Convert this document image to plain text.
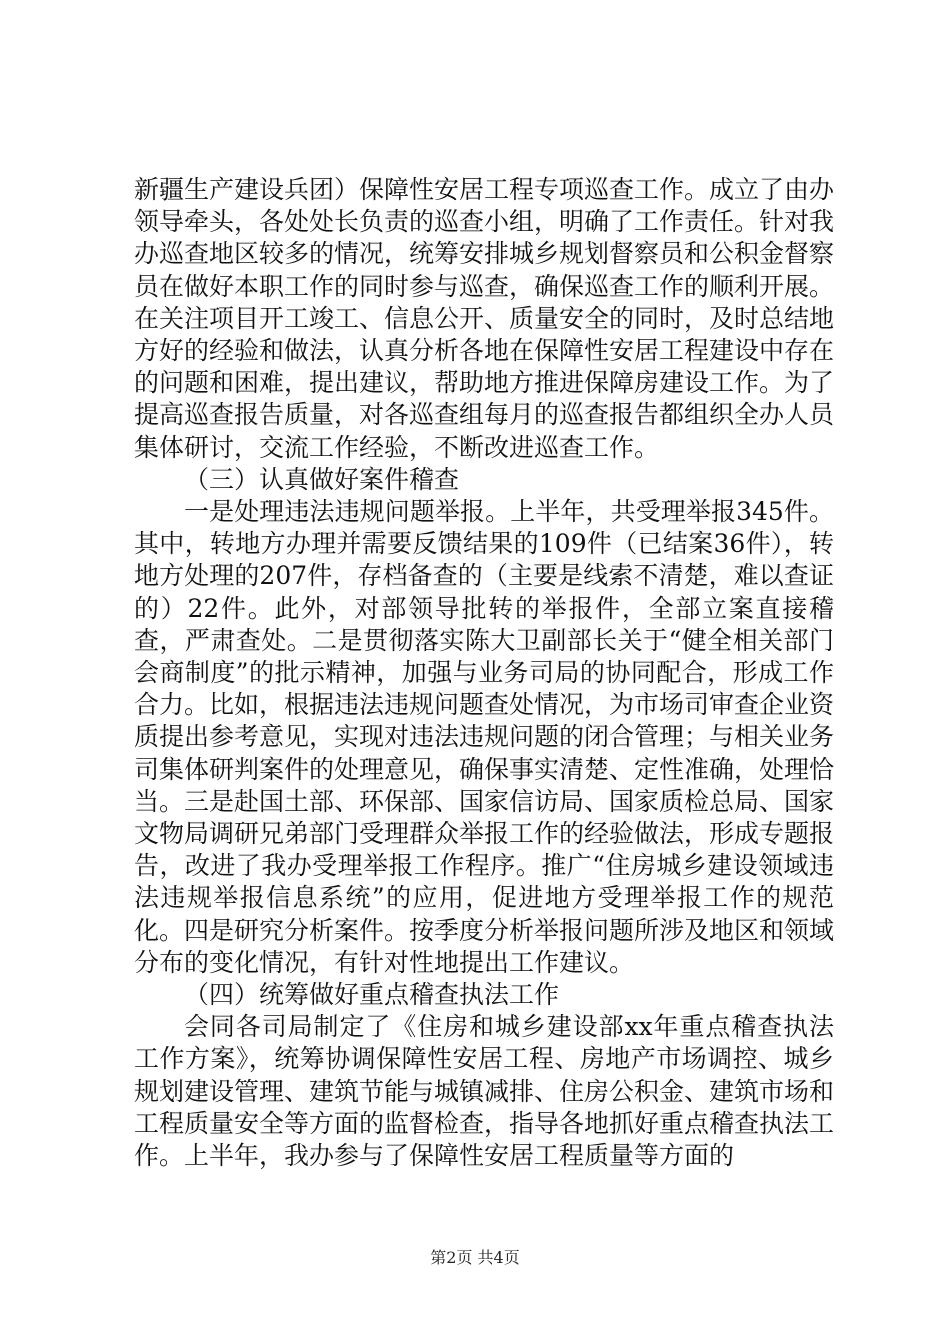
新疆生产建设兵团）保障性安居工程专项巡查工作。成立了由办领导牵头，各处处长负责的巡查小组，明确了工作责任。针对我办巡查地区较多的情况，统筹安排城乡规划督察员和公积金督察员在做好本职工作的同时参与巡查，确保巡查工作的顺利开展。在关注项目开工竣工、信息公开、质量安全的同时，及时总结地方好的经验和做法，认真分析各地在保障性安居工程建设中存在的问题和困难，提出建议，帮助地方推进保障房建设工作。为了提高巡查报告质量，对各巡查组每月的巡查报告都组织全办人员集体研讨，交流工作经验，不断改进巡查工作。

（三）认真做好案件稽查

一是处理违法违规问题举报。上半年，共受理举报345件。其中，转地方办理并需要反馈结果的109件（已结案36件），转地方处理的207件，存档备查的（主要是线索不清楚，难以查证的）22件。此外，对部领导批转的举报件，全部立案直接稽查，严肃查处。二是贯彻落实陈大卫副部长关于“健全相关部门会商制度”的批示精神，加强与业务司局的协同配合，形成工作合力。比如，根据违法违规问题查处情况，为市场司审查企业资质提出参考意见，实现对违法违规问题的闭合管理；与相关业务司集体研判案件的处理意见，确保事实清楚、定性准确，处理恰当。三是赴国土部、环保部、国家信访局、国家质检总局、国家文物局调研兄弟部门受理群众举报工作的经验做法，形成专题报告，改进了我办受理举报工作程序。推广“住房城乡建设领域违法违规举报信息系统”的应用，促进地方受理举报工作的规范化。四是研究分析案件。按季度分析举报问题所涉及地区和领域分布的变化情况，有针对性地提出工作建议。

（四）统筹做好重点稽查执法工作

会同各司局制定了《住房和城乡建设部xx年重点稽查执法工作方案》，统筹协调保障性安居工程、房地产市场调控、城乡规划建设管理、建筑节能与城镇减排、住房公积金、建筑市场和工程质量安全等方面的监督检查，指导各地抓好重点稽查执法工作。上半年，我办参与了保障性安居工程质量等方面的

第2页 共4页
